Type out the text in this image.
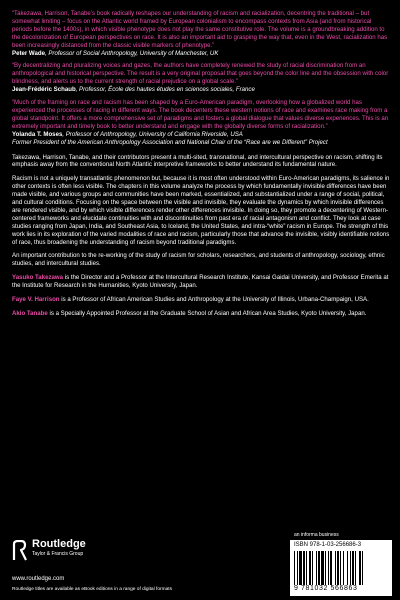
“Takezawa, Harrison, Tanabe’s book radically reshapes our understanding of racism and racialization, decentring the traditional – but somewhat limiting – focus on the Atlantic world framed by European colonialism to encompass contexts from Asia (and from historical periods before the 1400s), in which visible phenotype does not play the same constitutive role. The volume is a groundbreaking addition to the decolonization of European perspectives on race. It is also an important aid to grasping the way that, even in the West, racialization has been increasingly distanced from the classic visible markers of phenotype.”

Peter Wade, Professor of Social Anthropology, University of Manchester, UK

“By decentralizing and pluralizing voices and gazes, the authors have completely renewed the study of racial discrimination from an anthropological and historical perspective. The result is a very original proposal that goes beyond the color line and the obsession with color blindness, and alerts us to the current strength of racial prejudice on a global scale.”

Jean-Frédéric Schaub, Professor, École des hautes études en sciences sociales, France

“Much of the framing on race and racism has been shaped by a Euro-American paradigm, overlooking how a globalized world has experienced the processes of racing in different ways. The book decenters these western notions of race and examines race making from a global standpoint. It offers a more comprehensive set of paradigms and fosters a global dialogue that values diverse experiences. This is an extremely important and timely book to better understand and engage with the globally diverse forms of racialization.”

Yolanda T. Moses, Professor of Anthropology, University of California Riverside, USA
Former President of the American Anthropology Association and National Chair of the “Race are we Different” Project

Takezawa, Harrison, Tanabe, and their contributors present a multi-sited, transnational, and intercultural perspective on racism, shifting its emphasis away from the conventional North Atlantic interpretive frameworks to better understand its fundamental nature.

Racism is not a uniquely transatlantic phenomenon but, because it is most often understood within Euro-American paradigms, its salience in other contexts is often less visible. The chapters in this volume analyze the process by which fundamentally invisible differences have been made visible, and various groups and communities have been marked, essentialized, and substantialized under a range of social, political, and cultural conditions. Focusing on the space between the visible and invisible, they evaluate the dynamics by which invisible differences are rendered visible, and by which visible differences render other differences invisible. In doing so, they promote a decentering of Western-centered frameworks and elucidate continuities with and discontinuities from past era of racial antagonism and conflict. They look at case studies ranging from Japan, India, and Southeast Asia, to Iceland, the United States, and intra-“white” racism in Europe. The strength of this work lies in its exploration of the varied modalities of race and racism, particularly those that advance the invisible, visibly identifiable notions of race, thus broadening the understanding of racism beyond traditional paradigms.

An important contribution to the re-working of the study of racism for scholars, researchers, and students of anthropology, sociology, ethnic studies, and intercultural studies.

Yasuko Takezawa is the Director and a Professor at the Intercultural Research Institute, Kansai Gaidai University, and Professor Emerita at the Institute for Research in the Humanities, Kyoto University, Japan.

Faye V. Harrison is a Professor of African American Studies and Anthropology at the University of Illinois, Urbana-Champaign, USA.

Akio Tanabe is a Specially Appointed Professor at the Graduate School of Asian and African Area Studies, Kyoto University, Japan.

Routledge
Taylor & Francis Group
www.routledge.com
Routledge titles are available as eBook editions in a range of digital formats
an informa business
ISBN 978-1-03-256686-3
9 781032 566863
